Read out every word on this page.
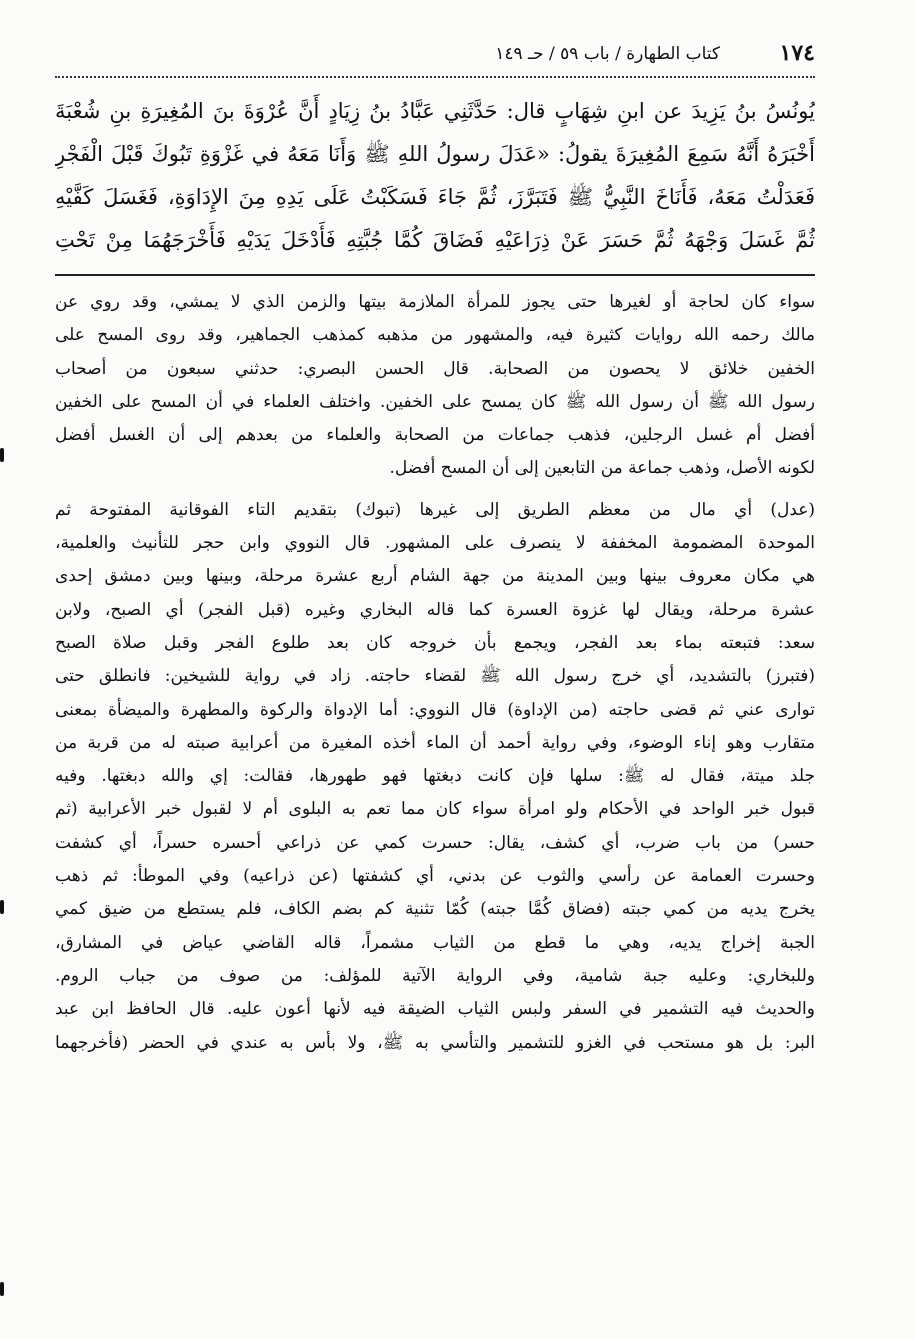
١٧٤
كتاب الطهارة / باب ٥٩ / حـ ١٤٩
يُونُسُ بنُ يَزِيدَ عن ابنِ شِهَابٍ قال: حَدَّثَنِي عَبَّادُ بنُ زِيَادٍ أَنَّ عُرْوَةَ بنَ المُغِيرَةِ بنِ شُعْبَةَ
أَخْبَرَهُ أَنَّهُ سَمِعَ المُغِيرَةَ يقولُ: «عَدَلَ رسولُ اللهِ ﷺ وَأَنَا مَعَهُ في غَزْوَةِ تَبُوكَ قَبْلَ الْفَجْرِ
فَعَدَلْتُ مَعَهُ، فَأَنَاخَ النَّبِيُّ ﷺ فَتَبَرَّزَ، ثُمَّ جَاءَ فَسَكَبْتُ عَلَى يَدِهِ مِنَ الإِدَاوَةِ، فَغَسَلَ كَفَّيْهِ
ثُمَّ غَسَلَ وَجْهَهُ ثُمَّ حَسَرَ عَنْ ذِرَاعَيْهِ فَضَاقَ كُمَّا جُبَّتِهِ فَأَدْخَلَ يَدَيْهِ فَأَخْرَجَهُمَا مِنْ تَحْتِ
سواء كان لحاجة أو لغيرها حتى يجوز للمرأة الملازمة بيتها والزمن الذي لا يمشي، وقد روي عن
مالك رحمه الله روايات كثيرة فيه، والمشهور من مذهبه كمذهب الجماهير، وقد روى المسح على
الخفين خلائق لا يحصون من الصحابة. قال الحسن البصري: حدثني سبعون من أصحاب
رسول الله ﷺ أن رسول الله ﷺ كان يمسح على الخفين. واختلف العلماء في أن المسح على الخفين
أفضل أم غسل الرجلين، فذهب جماعات من الصحابة والعلماء من بعدهم إلى أن الغسل أفضل
لكونه الأصل، وذهب جماعة من التابعين إلى أن المسح أفضل.
(عدل) أي مال من معظم الطريق إلى غيرها (تبوك) بتقديم التاء الفوقانية المفتوحة ثم
الموحدة المضمومة المخففة لا ينصرف على المشهور. قال النووي وابن حجر للتأنيث والعلمية،
هي مكان معروف بينها وبين المدينة من جهة الشام أربع عشرة مرحلة، وبينها وبين دمشق إحدى
عشرة مرحلة، ويقال لها غزوة العسرة كما قاله البخاري وغيره (قبل الفجر) أي الصبح، ولابن
سعد: فتبعته بماء بعد الفجر، ويجمع بأن خروجه كان بعد طلوع الفجر وقبل صلاة الصبح
(فتبرز) بالتشديد، أي خرج رسول الله ﷺ لقضاء حاجته. زاد في رواية للشيخين: فانطلق حتى
توارى عني ثم قضى حاجته (من الإداوة) قال النووي: أما الإدواة والركوة والمطهرة والميضأة بمعنى
متقارب وهو إناء الوضوء، وفي رواية أحمد أن الماء أخذه المغيرة من أعرابية صبته له من قربة من
جلد ميتة، فقال له ﷺ: سلها فإن كانت دبغتها فهو طهورها، فقالت: إي والله دبغتها. وفيه
قبول خبر الواحد في الأحكام ولو امرأة سواء كان مما تعم به البلوى أم لا لقبول خبر الأعرابية (ثم
حسر) من باب ضرب، أي كشف، يقال: حسرت كمي عن ذراعي أحسره حسراً، أي كشفت
وحسرت العمامة عن رأسي والثوب عن بدني، أي كشفتها (عن ذراعيه) وفي الموطأ: ثم ذهب
يخرج يديه من كمي جبته (فضاق كُمَّا جبته) كُمّا تثنية كم بضم الكاف، فلم يستطع من ضيق كمي
الجبة إخراج يديه، وهي ما قطع من الثياب مشمراً، قاله القاضي عياض في المشارق،
وللبخاري: وعليه جبة شامية، وفي الرواية الآتية للمؤلف: من صوف من جباب الروم.
والحديث فيه التشمير في السفر ولبس الثياب الضيقة فيه لأنها أعون عليه. قال الحافظ ابن عبد
البر: بل هو مستحب في الغزو للتشمير والتأسي به ﷺ، ولا بأس به عندي في الحضر (فأخرجهما
